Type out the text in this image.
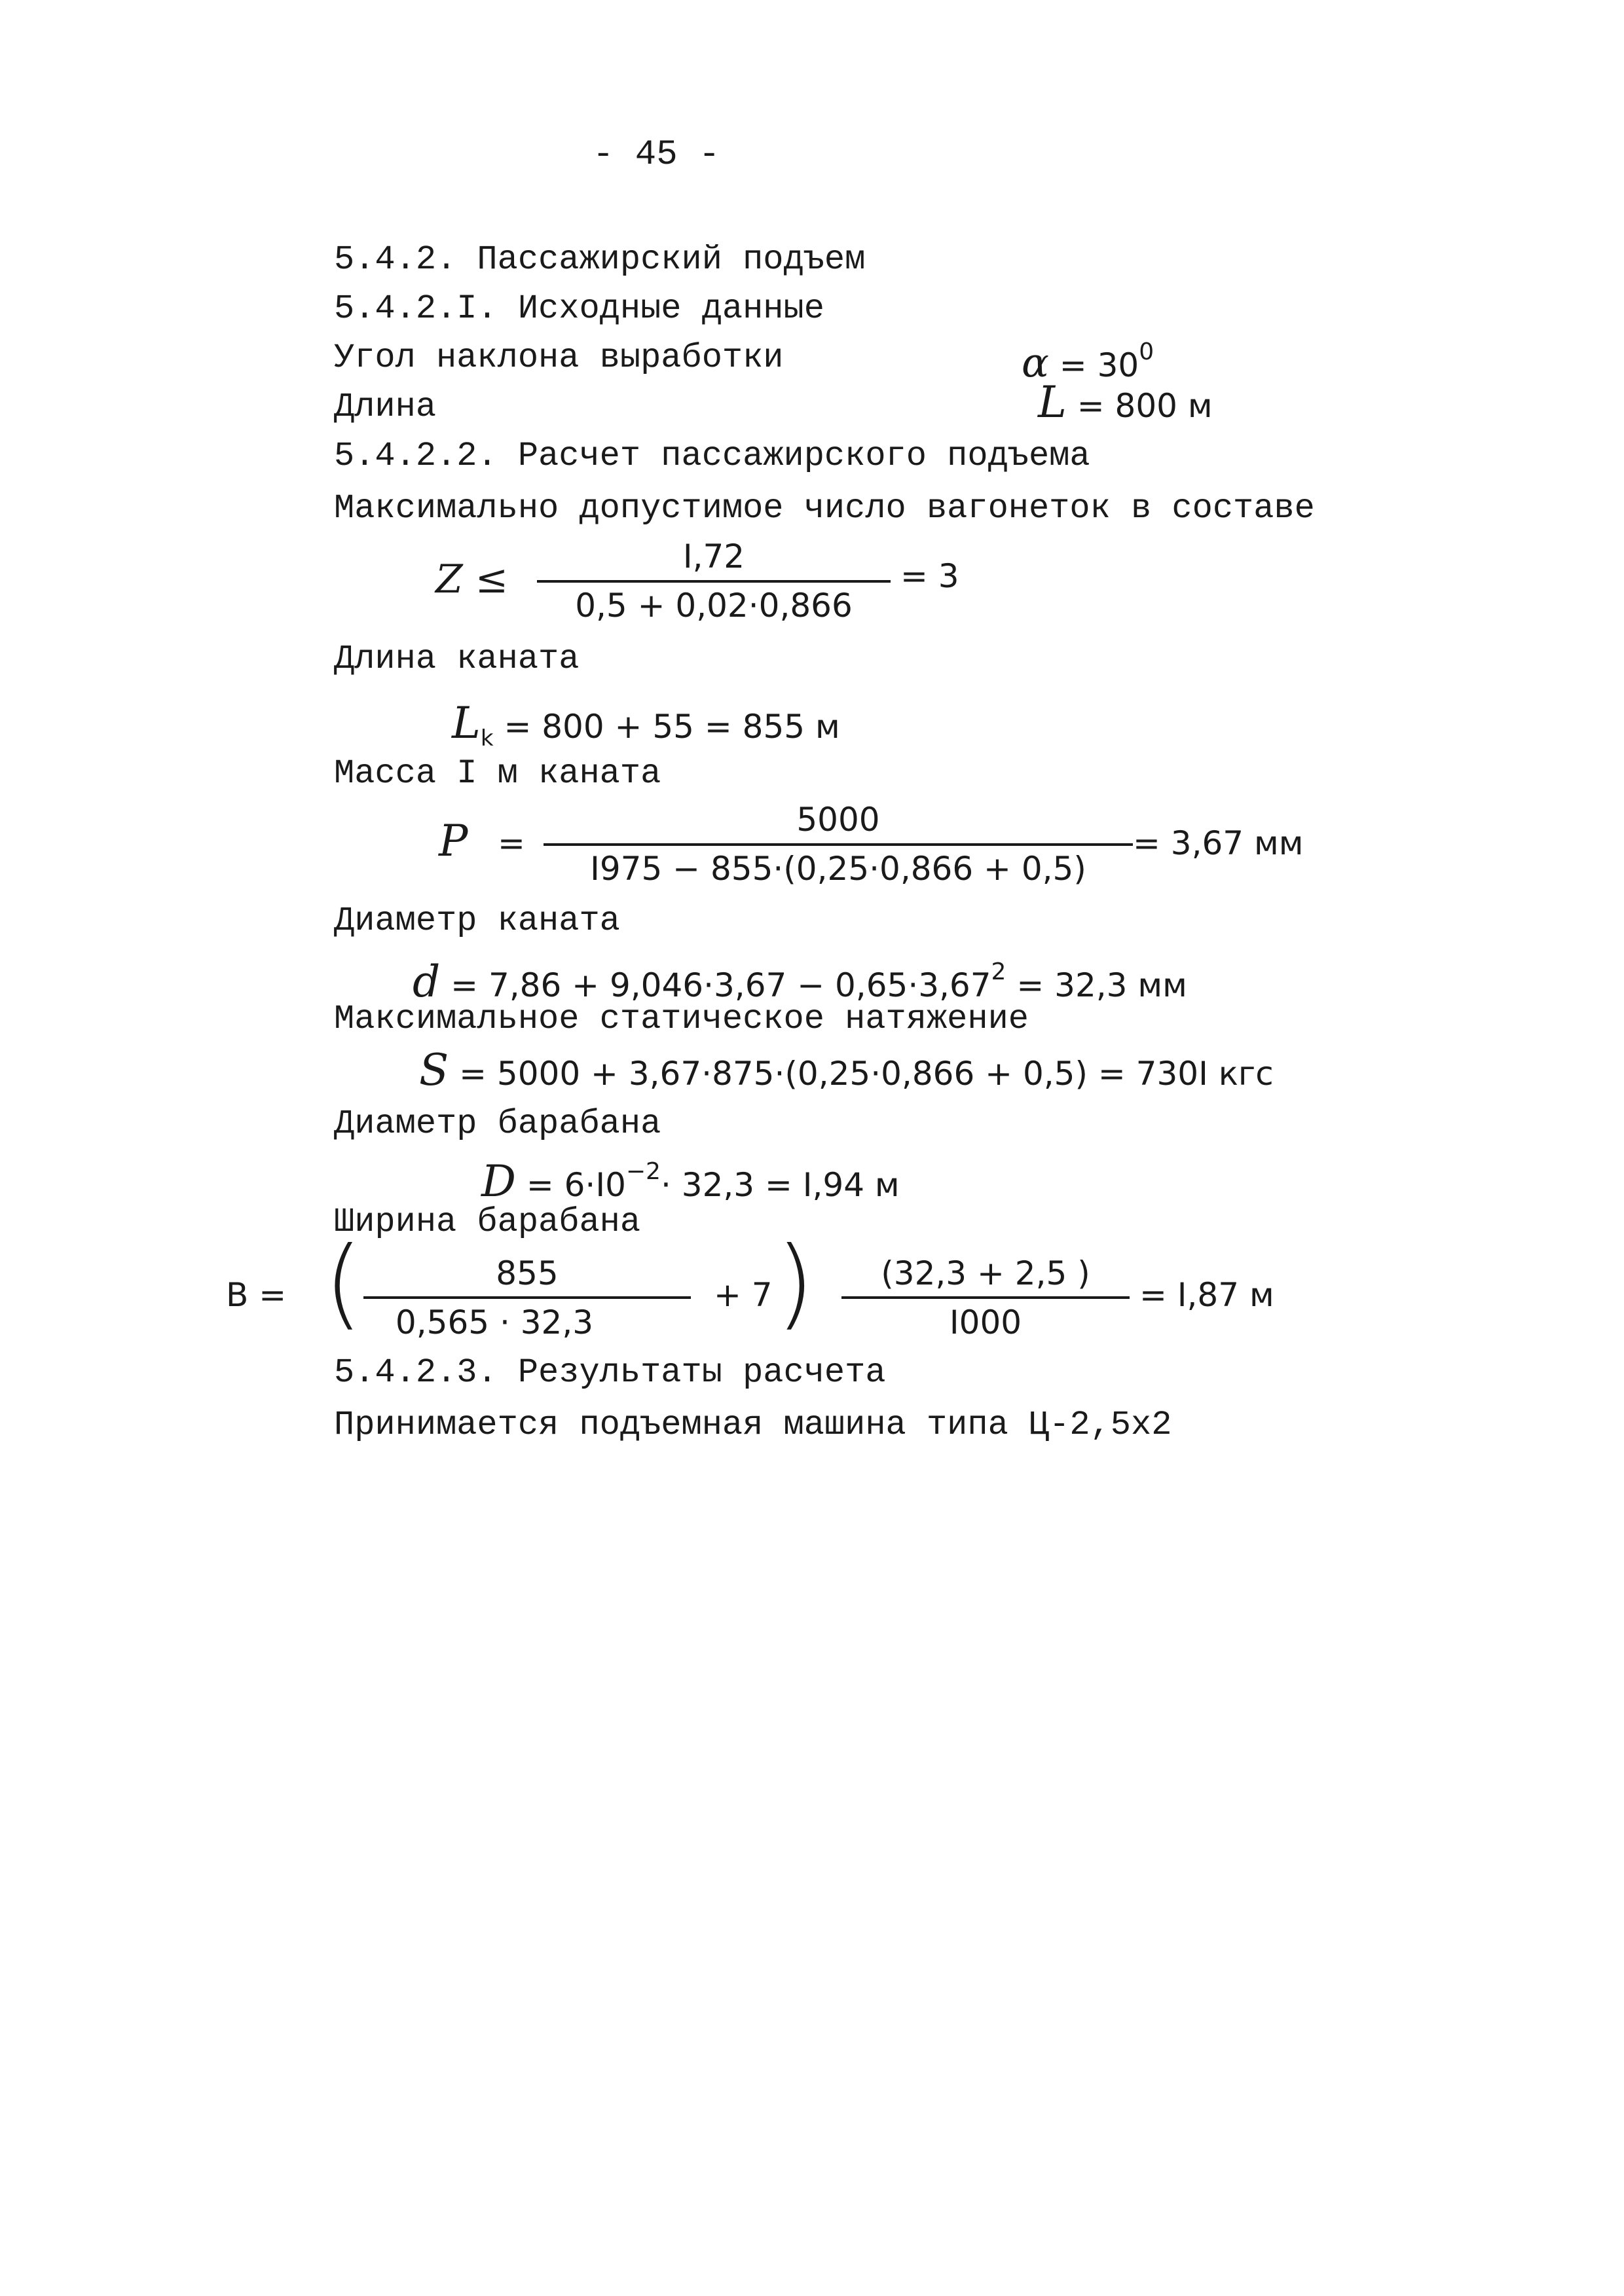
- 45 -
5.4.2. Пассажирский подъем
5.4.2.I. Исходные данные
Угол наклона выработки	$\alpha = 30^0$
Длина	L = 800 м
5.4.2.2. Расчет пассажирского подъема
Максимально допустимое число вагонеток в составе
Z ≤	I,72
0,5 + 0,02·0,866
= 3
Длина каната
$L_k = 800 + 55 = 855$ м
Масса I м каната
P =
5000
I975 − 855·(0,25·0,866 + 0,5)
= 3,67 мм
Диаметр каната
$d = 7,86 + 9,046\cdot 3,67 - 0,65\cdot 3,67^2 = 32,3$ мм
Максимальное статическое натяжение
S = 5000 + 3,67·875·(0,25·0,866 + 0,5) = 730I кгс
Диаметр барабана
$D = 6\cdot I0^{-2}\cdot 32,3 = I,94$ м
Ширина барабана
B = (	855
0,565 · 32,3
+ 7 )	(32,3 + 2,5 )
I000
= I,87 м
5.4.2.3. Результаты расчета
Принимается подъемная машина типа Ц-2,5х2
